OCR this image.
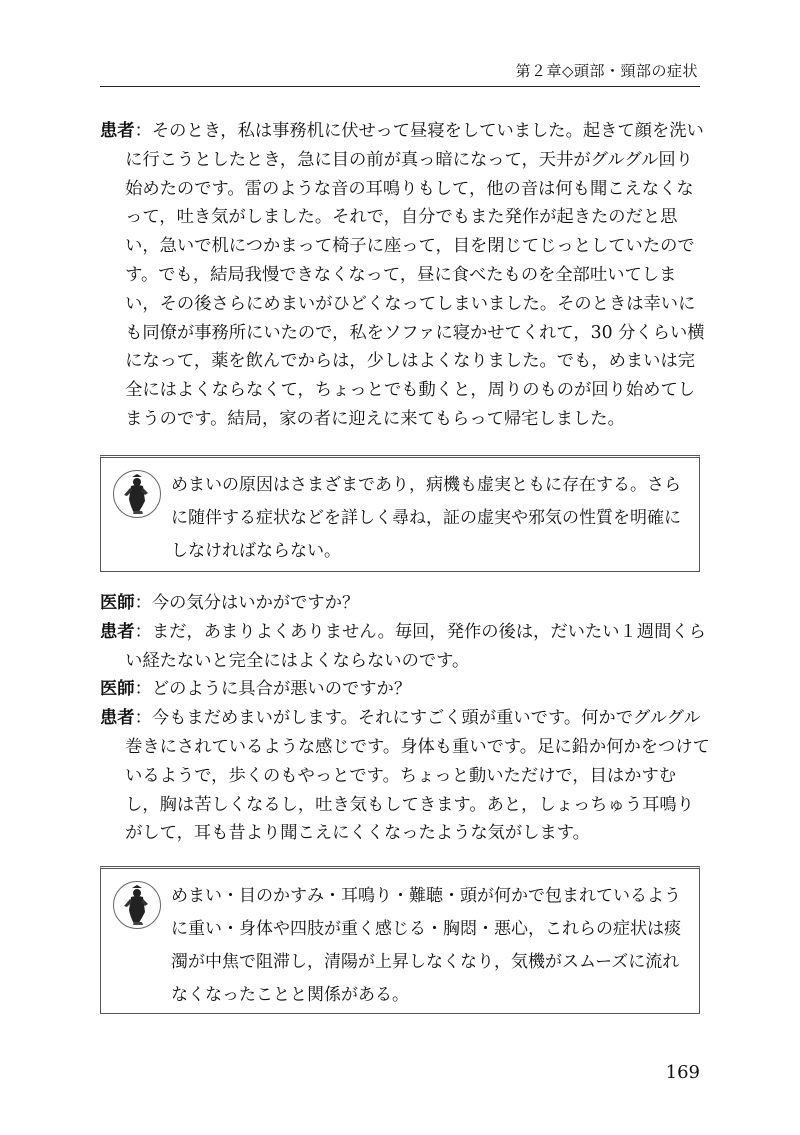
第２章◇頭部・頸部の症状

患者：そのとき，私は事務机に伏せって昼寝をしていました。起きて顔を洗いに行こうとしたとき，急に目の前が真っ暗になって，天井がグルグル回り始めたのです。雷のような音の耳鳴りもして，他の音は何も聞こえなくなって，吐き気がしました。それで，自分でもまた発作が起きたのだと思い，急いで机につかまって椅子に座って，目を閉じてじっとしていたのです。でも，結局我慢できなくなって，昼に食べたものを全部吐いてしまい，その後さらにめまいがひどくなってしまいました。そのときは幸いにも同僚が事務所にいたので，私をソファに寝かせてくれて，30 分くらい横になって，薬を飲んでからは，少しはよくなりました。でも，めまいは完全にはよくならなくて，ちょっとでも動くと，周りのものが回り始めてしまうのです。結局，家の者に迎えに来てもらって帰宅しました。

めまいの原因はさまざまであり，病機も虚実ともに存在する。さらに随伴する症状などを詳しく尋ね，証の虚実や邪気の性質を明確にしなければならない。

医師：今の気分はいかがですか？

患者：まだ，あまりよくありません。毎回，発作の後は，だいたい１週間くらい経たないと完全にはよくならないのです。

医師：どのように具合が悪いのですか？

患者：今もまだめまいがします。それにすごく頭が重いです。何かでグルグル巻きにされているような感じです。身体も重いです。足に鉛か何かをつけているようで，歩くのもやっとです。ちょっと動いただけで，目はかすむし，胸は苦しくなるし，吐き気もしてきます。あと，しょっちゅう耳鳴りがして，耳も昔より聞こえにくくなったような気がします。

めまい・目のかすみ・耳鳴り・難聴・頭が何かで包まれているように重い・身体や四肢が重く感じる・胸悶・悪心，これらの症状は痰濁が中焦で阻滞し，清陽が上昇しなくなり，気機がスムーズに流れなくなったことと関係がある。
169
